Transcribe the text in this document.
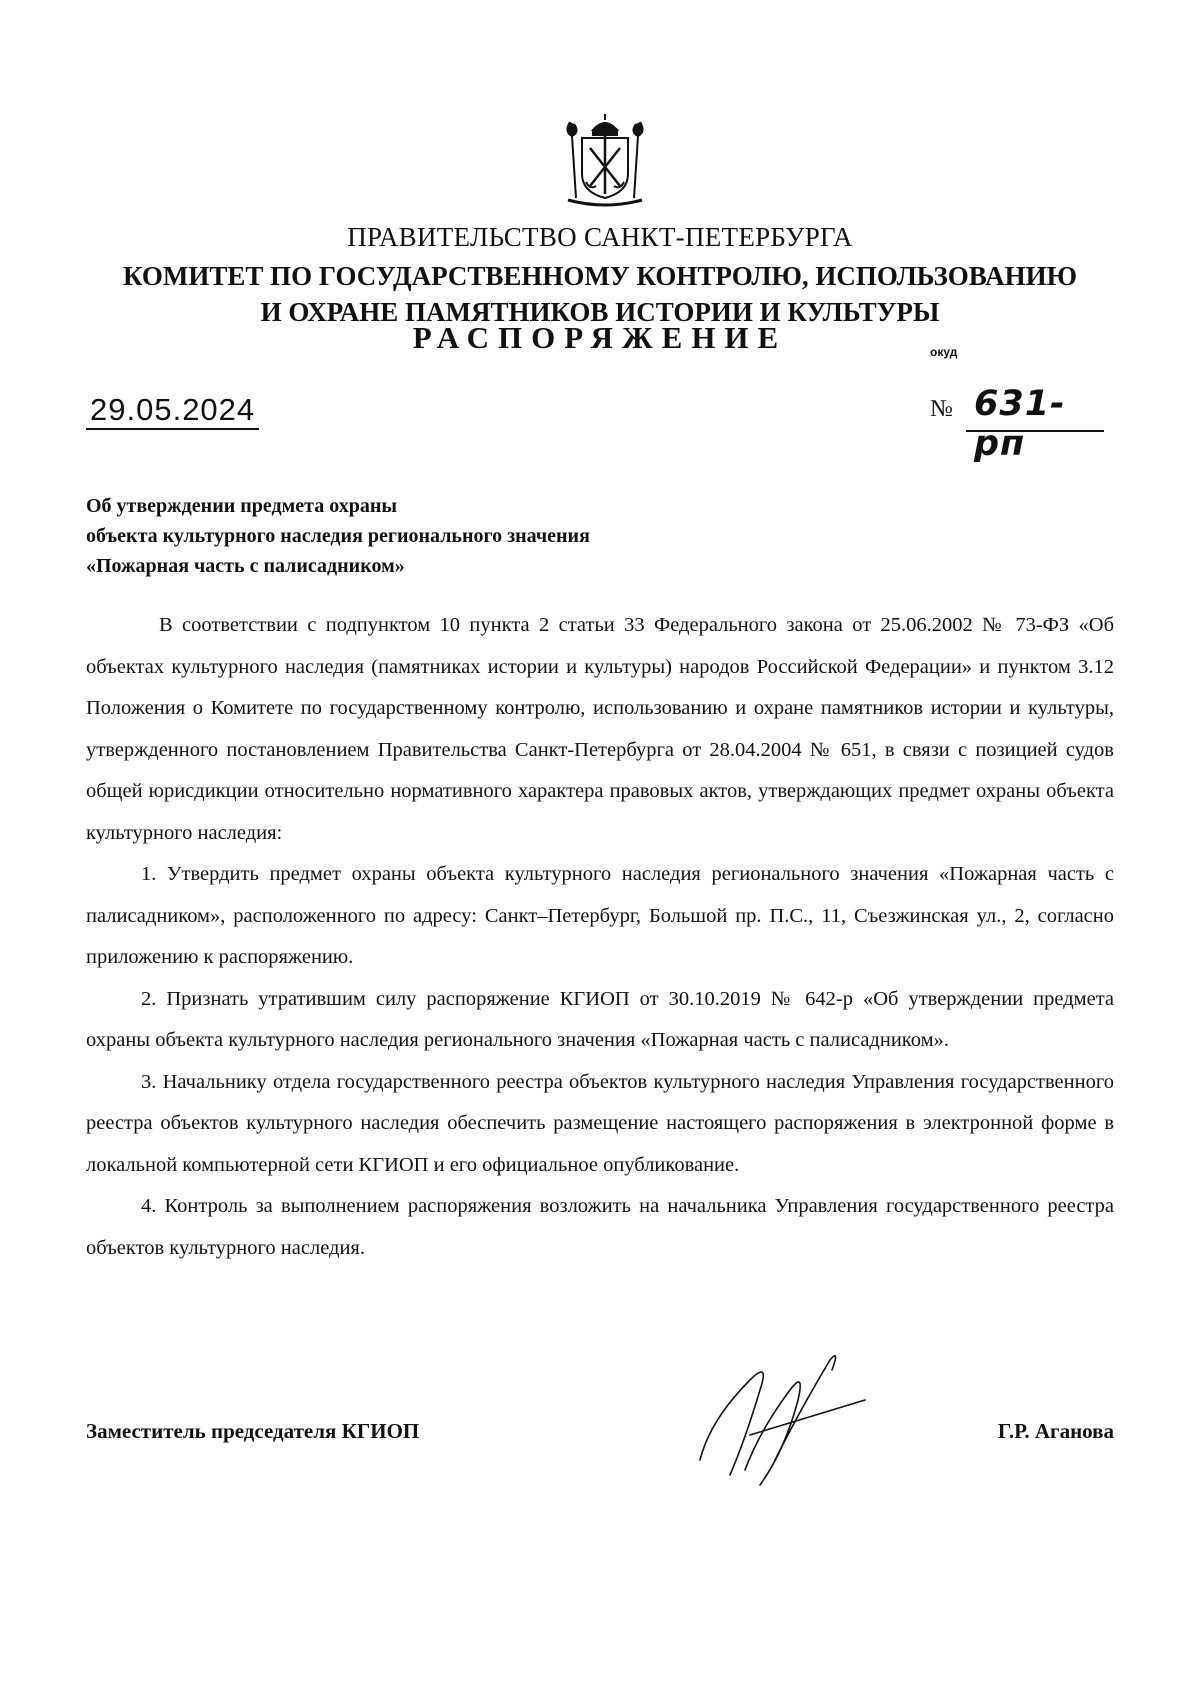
ПРАВИТЕЛЬСТВО САНКТ-ПЕТЕРБУРГА
КОМИТЕТ ПО ГОСУДАРСТВЕННОМУ КОНТРОЛЮ, ИСПОЛЬЗОВАНИЮ
И ОХРАНЕ ПАМЯТНИКОВ ИСТОРИИ И КУЛЬТУРЫ
РАСПОРЯЖЕНИЕ	окуд
29.05.2024	№ 631-рп
Об утверждении предмета охраны
объекта культурного наследия регионального значения
«Пожарная часть с палисадником»

В соответствии с подпунктом 10 пункта 2 статьи 33 Федерального закона от 25.06.2002 № 73-ФЗ «Об объектах культурного наследия (памятниках истории и культуры) народов Российской Федерации» и пунктом 3.12 Положения о Комитете по государственному контролю, использованию и охране памятников истории и культуры, утвержденного постановлением Правительства Санкт-Петербурга от 28.04.2004 № 651, в связи с позицией судов общей юрисдикции относительно нормативного характера правовых актов, утверждающих предмет охраны объекта культурного наследия:

1. Утвердить предмет охраны объекта культурного наследия регионального значения «Пожарная часть с палисадником», расположенного по адресу: Санкт–Петербург, Большой пр. П.С., 11, Съезжинская ул., 2, согласно приложению к распоряжению.

2. Признать утратившим силу распоряжение КГИОП от 30.10.2019 № 642-р «Об утверждении предмета охраны объекта культурного наследия регионального значения «Пожарная часть с палисадником».

3. Начальнику отдела государственного реестра объектов культурного наследия Управления государственного реестра объектов культурного наследия обеспечить размещение настоящего распоряжения в электронной форме в локальной компьютерной сети КГИОП и его официальное опубликование.

4. Контроль за выполнением распоряжения возложить на начальника Управления государственного реестра объектов культурного наследия.

Заместитель председателя КГИОП	Г.Р. Аганова
